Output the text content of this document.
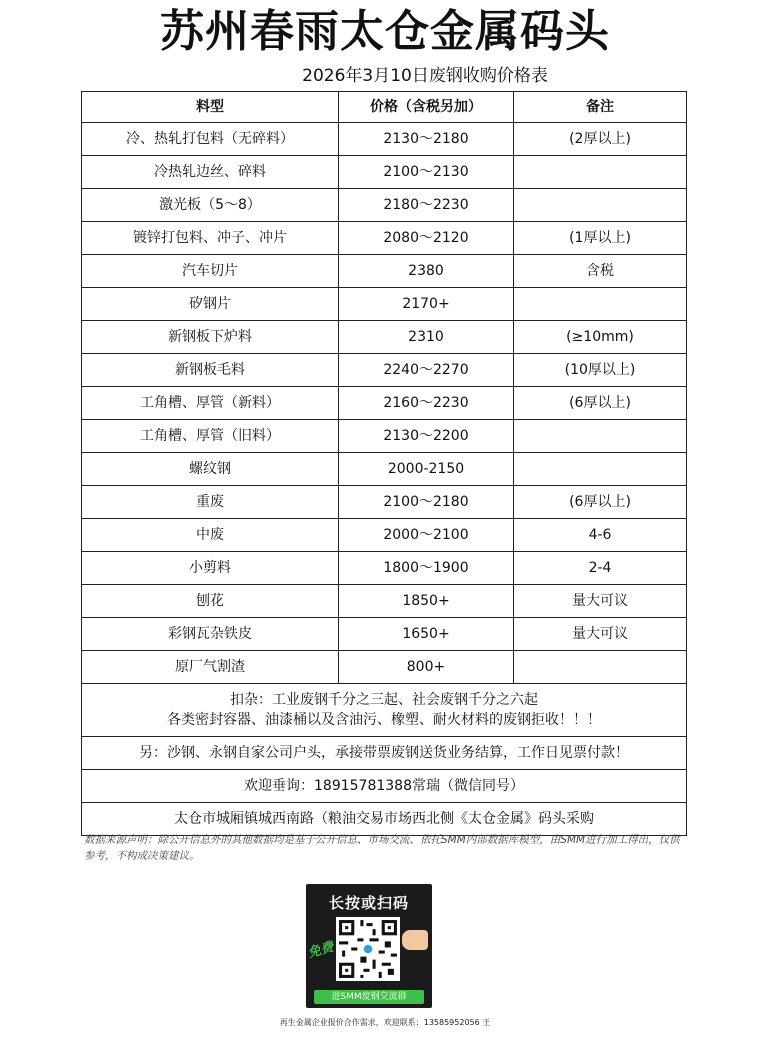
苏州春雨太仓金属码头
2026年3月10日废钢收购价格表
料型	价格（含税另加）	备注
冷、热轧打包料（无碎料）	2130～2180	(2厚以上)
冷热轧边丝、碎料	2100～2130	
激光板（5～8）	2180～2230	
镀锌打包料、冲子、冲片	2080～2120	(1厚以上)
汽车切片	2380	含税
矽钢片	2170+	
新钢板下炉料	2310	(≥10mm)
新钢板毛料	2240～2270	(10厚以上)
工角槽、厚管（新料）	2160～2230	(6厚以上)
工角槽、厚管（旧料）	2130～2200	
螺纹钢	2000-2150	
重废	2100～2180	(6厚以上)
中废	2000～2100	4-6
小剪料	1800～1900	2-4
刨花	1850+	量大可议
彩钢瓦杂铁皮	1650+	量大可议
原厂气割渣	800+	

扣杂：工业废钢千分之三起、社会废钢千分之六起
各类密封容器、油漆桶以及含油污、橡塑、耐火材料的废钢拒收！！！		

另：沙钢、永钢自家公司户头，承接带票废钢送货业务结算，工作日见票付款！		
欢迎垂询：18915781388常瑞（微信同号）		
太仓市城厢镇城西南路（粮油交易市场西北侧《太仓金属》码头采购		
数据来源声明：除公开信息外的其他数据均是基于公开信息、市场交流、依托SMM内部数据库模型，由SMM进行加工得出，仅供参考，不构成决策建议。
长按或扫码
免费
进SMM废钢交流群
再生金属企业报价合作需求，欢迎联系：13585952056 王
